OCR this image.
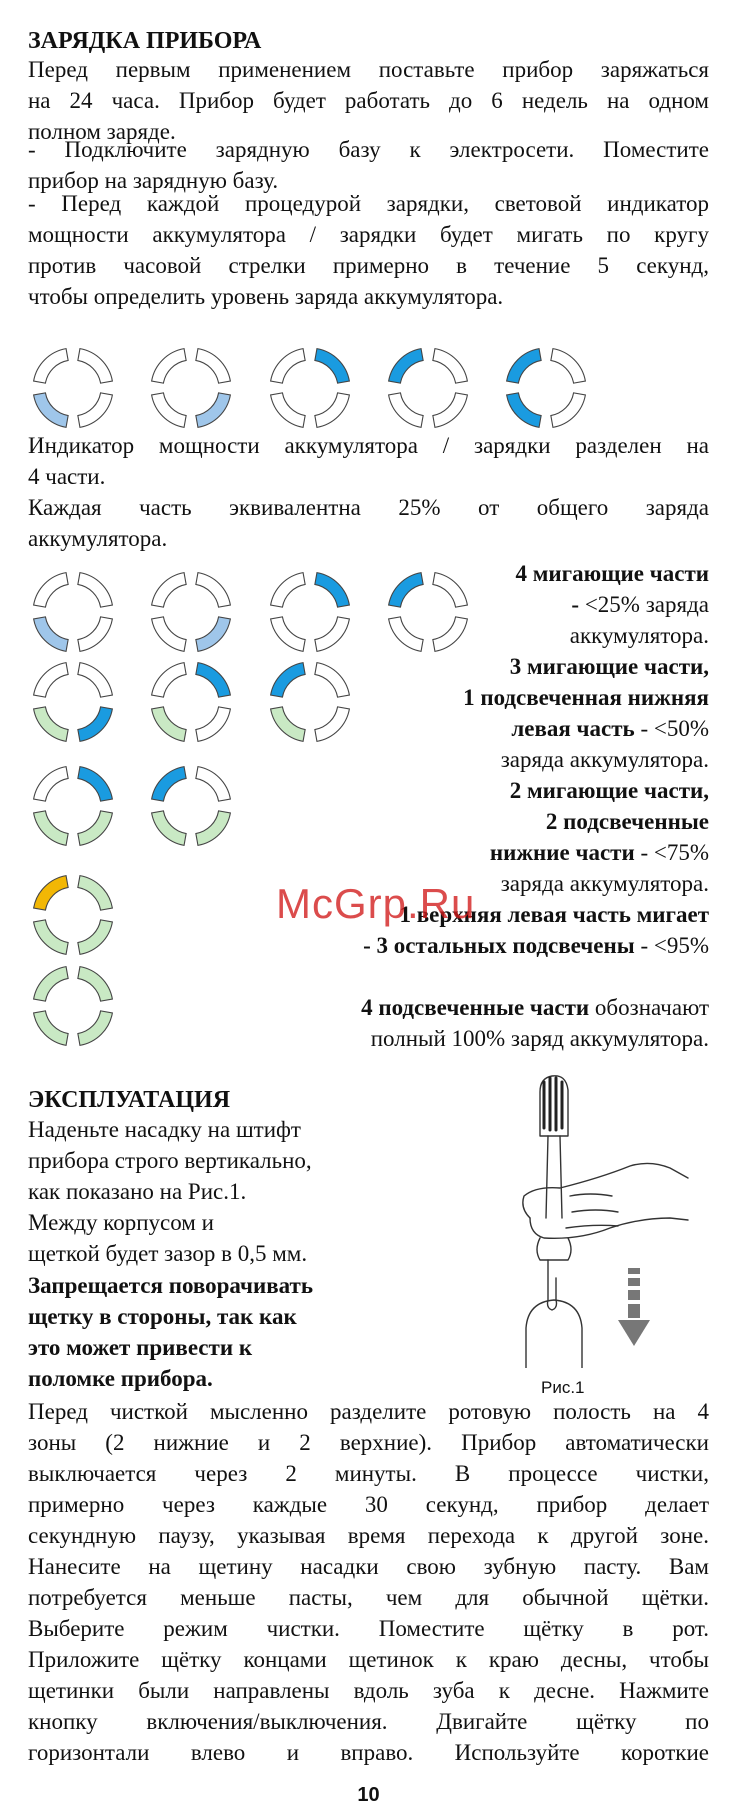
ЗАРЯДКА ПРИБОРА
Перед первым применением поставьте прибор заряжаться
на 24 часа. Прибор будет работать до 6 недель на одном
полном заряде.
- Подключите зарядную базу к электросети. Поместите
прибор на зарядную базу.
- Перед каждой процедурой зарядки, световой индикатор
мощности аккумулятора / зарядки будет мигать по кругу
против часовой стрелки примерно в течение 5 секунд,
чтобы определить уровень заряда аккумулятора.
Индикатор мощности аккумулятора / зарядки разделен на
4 части.
Каждая часть эквивалентна 25% от общего заряда
аккумулятора.
4 мигающие части
- <25% заряда
аккумулятора.
3 мигающие части,
1 подсвеченная нижняя
левая часть - <50%
заряда аккумулятора.
2 мигающие части,
2 подсвеченные
нижние части - <75%
заряда аккумулятора.
1 верхняя левая часть мигает
- 3 остальных подсвечены - <95%
4 подсвеченные части обозначают
полный 100% заряд аккумулятора.
McGrp.Ru
ЭКСПЛУАТАЦИЯ
Наденьте насадку на штифт
прибора строго вертикально,
как показано на Рис.1.
Между корпусом и
щеткой будет зазор в 0,5 мм.
Запрещается поворачивать
щетку в стороны, так как
это может привести к
поломке прибора.	Рис.1
Перед чисткой мысленно разделите ротовую полость на 4
зоны (2 нижние и 2 верхние). Прибор автоматически
выключается через 2 минуты. В процессе чистки,
примерно через каждые 30 секунд, прибор делает
секундную паузу, указывая время перехода к другой зоне.
Нанесите на щетину насадки свою зубную пасту. Вам
потребуется меньше пасты, чем для обычной щётки.
Выберите режим чистки. Поместите щётку в рот.
Приложите щётку концами щетинок к краю десны, чтобы
щетинки были направлены вдоль зуба к десне. Нажмите
кнопку включения/выключения. Двигайте щётку по
горизонтали влево и вправо. Используйте короткие
10
